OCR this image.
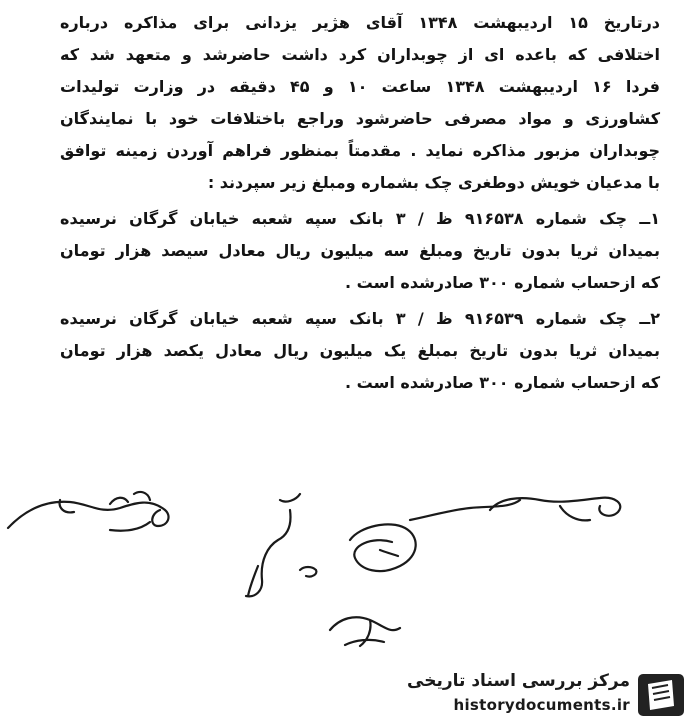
درتاریخ ۱۵ اردیبهشت ۱۳۴۸ آقای هژیر یزدانی برای مذاکره درباره
اختلافی که باعده ای از چوبداران کرد داشت حاضرشد و متعهد شد که
فردا ۱۶ اردیبهشت ۱۳۴۸ ساعت ۱۰ و ۴۵ دقیقه در وزارت تولیدات
کشاورزی و مواد مصرفی حاضرشود وراجع باختلافات خود با نمایندگان
چوبداران مزبور مذاکره نماید . مقدمتاً بمنظور فراهم آوردن زمینه توافق
با مدعیان خویش دوطغری چک بشماره ومبلغ زیر سپردند :
۱ــ چک شماره ۹۱۶۵۳۸ ظ / ۳ بانک سپه شعبه خیابان گرگان نرسیده
بمیدان ثریا بدون تاریخ ومبلغ سه میلیون ریال معادل سیصد هزار تومان
که ازحساب شماره ۳۰۰ صادرشده است .
۲ــ چک شماره ۹۱۶۵۳۹ ظ / ۳ بانک سپه شعبه خیابان گرگان نرسیده
بمیدان ثریا بدون تاریخ بمبلغ یک میلیون ریال معادل یکصد هزار تومان
که ازحساب شماره ۳۰۰ صادرشده است .
مرکز بررسی اسناد تاریخی
historydocuments.ir
